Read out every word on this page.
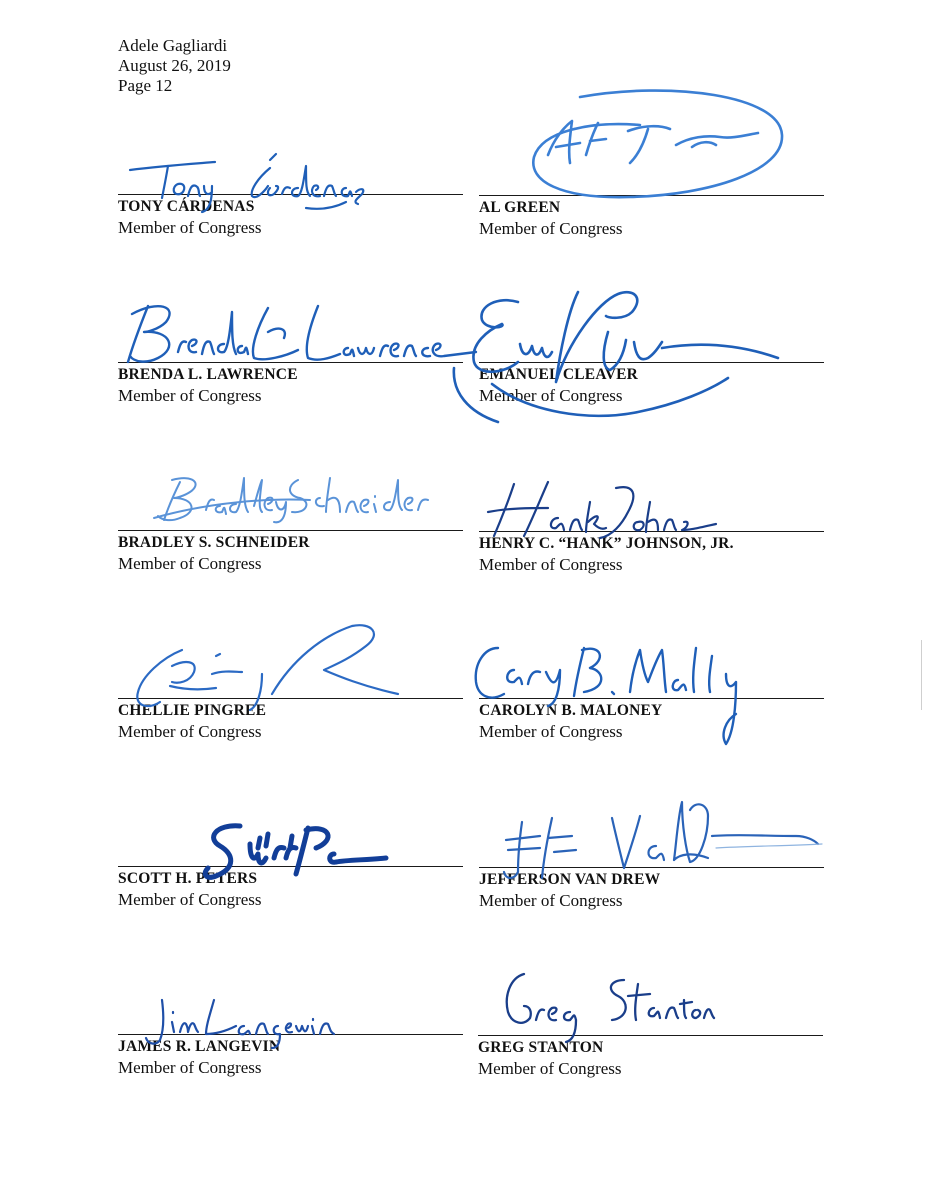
Adele Gagliardi
August 26, 2019
Page 12
TONY CÁRDENAS
Member of Congress
AL GREEN
Member of Congress
BRENDA L. LAWRENCE
Member of Congress
EMANUEL CLEAVER
Member of Congress
BRADLEY S. SCHNEIDER
Member of Congress
HENRY C. “HANK” JOHNSON, JR.
Member of Congress
CHELLIE PINGREE
Member of Congress
CAROLYN B. MALONEY
Member of Congress
SCOTT H. PETERS
Member of Congress
JEFFERSON VAN DREW
Member of Congress
JAMES R. LANGEVIN
Member of Congress
GREG STANTON
Member of Congress
